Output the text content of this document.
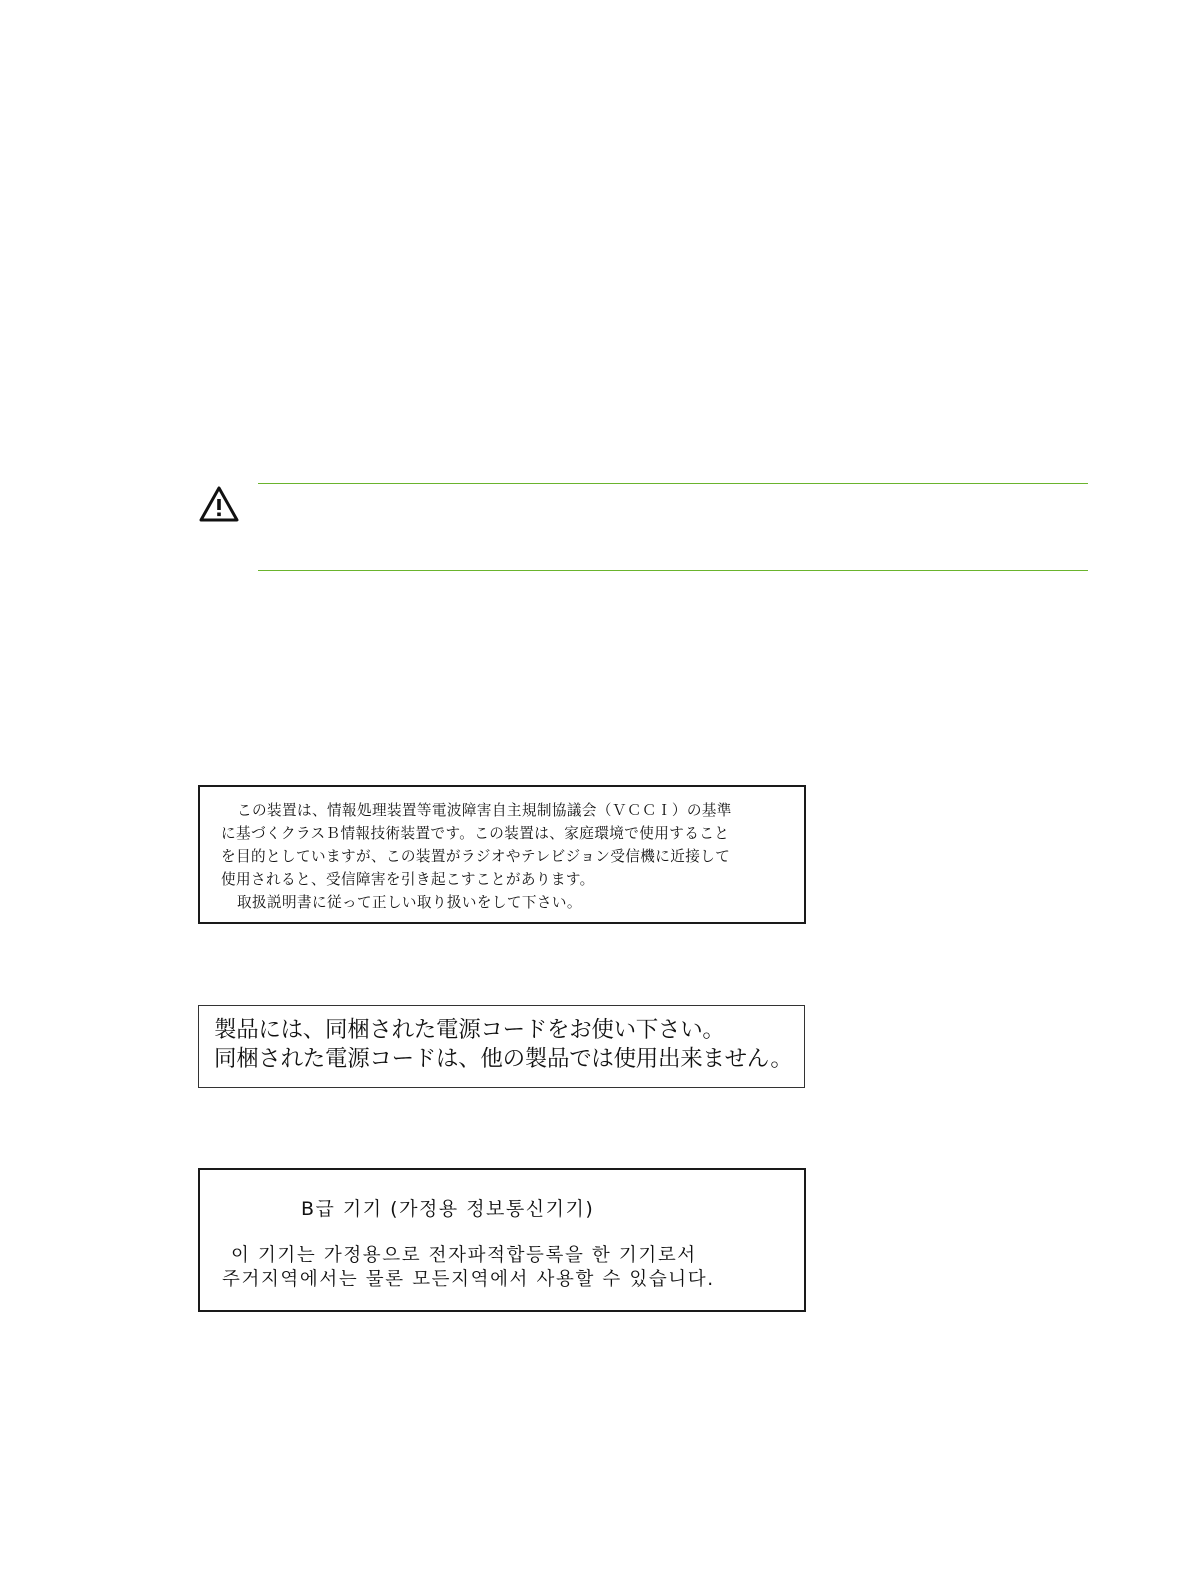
この装置は、情報処理装置等電波障害自主規制協議会（ＶＣＣＩ）の基準
に基づくクラスＢ情報技術装置です。この装置は、家庭環境で使用すること
を目的としていますが、この装置がラジオやテレビジョン受信機に近接して
使用されると、受信障害を引き起こすことがあります。
取扱説明書に従って正しい取り扱いをして下さい。
製品には、同梱された電源コードをお使い下さい。
同梱された電源コードは、他の製品では使用出来ません。
B급 기기 (가정용 정보통신기기)
이 기기는 가정용으로 전자파적합등록을 한 기기로서
주거지역에서는 물론 모든지역에서 사용할 수 있습니다.
